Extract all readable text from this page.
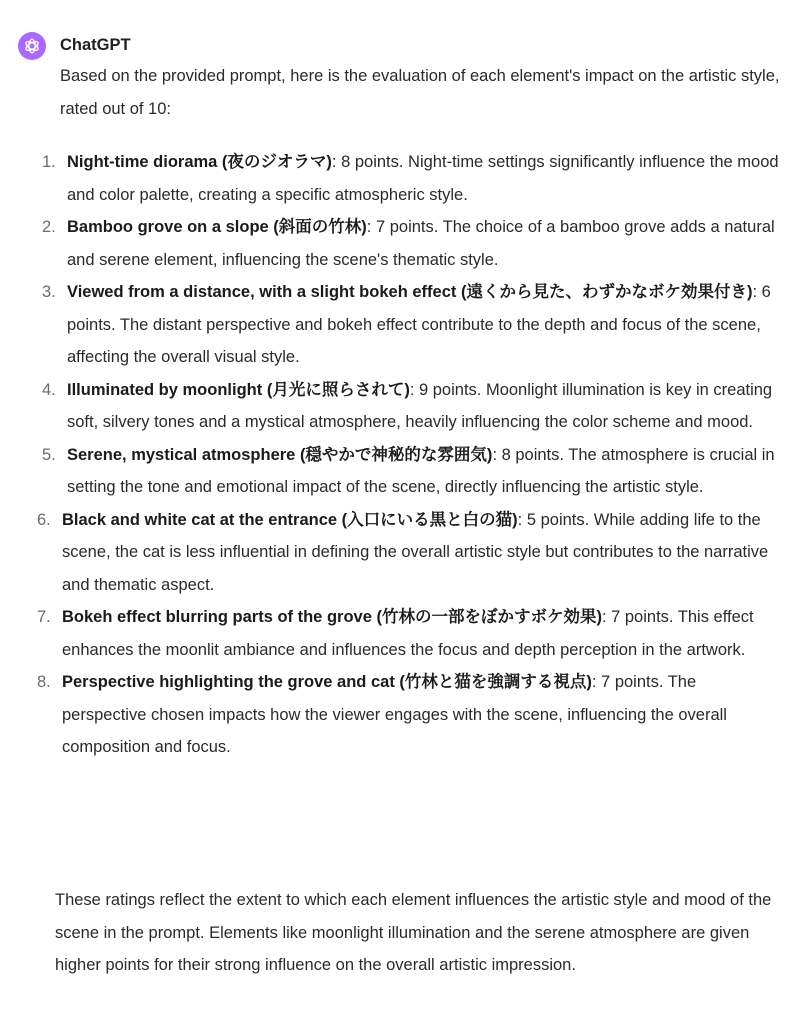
ChatGPT

Based on the provided prompt, here is the evaluation of each element's impact on the artistic style, rated out of 10:

1. Night-time diorama (夜のジオラマ): 8 points. Night-time settings significantly influence the mood and color palette, creating a specific atmospheric style.
2. Bamboo grove on a slope (斜面の竹林): 7 points. The choice of a bamboo grove adds a natural and serene element, influencing the scene's thematic style.
3. Viewed from a distance, with a slight bokeh effect (遠くから見た、わずかなボケ効果付き): 6 points. The distant perspective and bokeh effect contribute to the depth and focus of the scene, affecting the overall visual style.
4. Illuminated by moonlight (月光に照らされて): 9 points. Moonlight illumination is key in creating soft, silvery tones and a mystical atmosphere, heavily influencing the color scheme and mood.
5. Serene, mystical atmosphere (穏やかで神秘的な雰囲気): 8 points. The atmosphere is crucial in setting the tone and emotional impact of the scene, directly influencing the artistic style.
6. Black and white cat at the entrance (入口にいる黒と白の猫): 5 points. While adding life to the scene, the cat is less influential in defining the overall artistic style but contributes to the narrative and thematic aspect.
7. Bokeh effect blurring parts of the grove (竹林の一部をぼかすボケ効果): 7 points. This effect enhances the moonlit ambiance and influences the focus and depth perception in the artwork.
8. Perspective highlighting the grove and cat (竹林と猫を強調する視点): 7 points. The perspective chosen impacts how the viewer engages with the scene, influencing the overall composition and focus.

These ratings reflect the extent to which each element influences the artistic style and mood of the scene in the prompt. Elements like moonlight illumination and the serene atmosphere are given higher points for their strong influence on the overall artistic impression.
